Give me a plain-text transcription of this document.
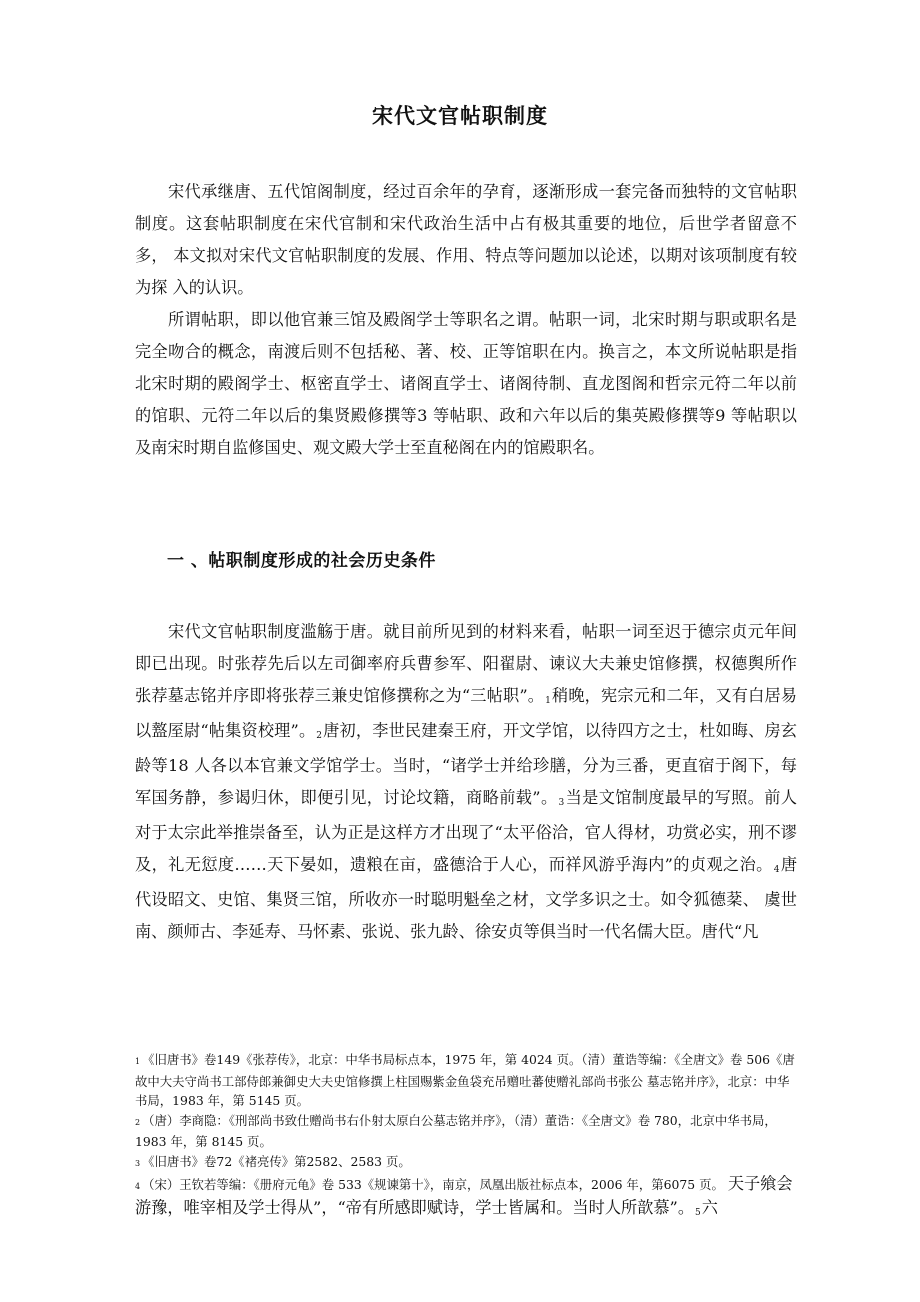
宋代文官帖职制度

宋代承继唐、五代馆阁制度，经过百余年的孕育，逐渐形成一套完备而独特的文官帖职制度。这套帖职制度在宋代官制和宋代政治生活中占有极其重要的地位，后世学者留意不多， 本文拟对宋代文官帖职制度的发展、作用、特点等问题加以论述，以期对该项制度有较为探 入的认识。

所谓帖职，即以他官兼三馆及殿阁学士等职名之谓。帖职一词，北宋时期与职或职名是完全吻合的概念，南渡后则不包括秘、著、校、正等馆职在内。换言之，本文所说帖职是指北宋时期的殿阁学士、枢密直学士、诸阁直学士、诸阁待制、直龙图阁和哲宗元符二年以前的馆职、元符二年以后的集贤殿修撰等3 等帖职、政和六年以后的集英殿修撰等9 等帖职以及南宋时期自监修国史、观文殿大学士至直秘阁在内的馆殿职名。

一 、帖职制度形成的社会历史条件

宋代文官帖职制度滥觞于唐。就目前所见到的材料来看，帖职一词至迟于德宗贞元年间即已出现。时张荐先后以左司御率府兵曹参军、阳翟尉、谏议大夫兼史馆修撰，权德舆所作张荐墓志铭并序即将张荐三兼史馆修撰称之为“三帖职”。1稍晚，宪宗元和二年，又有白居易以盩厔尉“帖集资校理”。2唐初，李世民建秦王府，开文学馆，以待四方之士，杜如晦、房玄龄等18 人各以本官兼文学馆学士。当时，“诸学士并给珍膳，分为三番，更直宿于阁下，每军国务静，参谒归休，即便引见，讨论坟籍，商略前载”。3当是文馆制度最早的写照。前人对于太宗此举推崇备至，认为正是这样方才出现了“太平俗洽，官人得材，功赏必实，刑不谬及，礼无愆度……天下晏如，遗粮在亩，盛德洽于人心，而祥风游乎海内”的贞观之治。4唐代设昭文、史馆、集贤三馆，所收亦一时聪明魁垒之材，文学多识之士。如令狐德棻、 虞世南、颜师古、李延寿、马怀素、张说、张九龄、徐安贞等俱当时一代名儒大臣。唐代“凡

1 《旧唐书》卷149《张荐传》，北京：中华书局标点本，1975 年，第 4024 页。（清）董诰等编：《全唐文》卷 506《唐故中大夫守尚书工部侍郎兼御史大夫史馆修撰上柱国赐紫金鱼袋充吊赠吐蕃使赠礼部尚书张公 墓志铭并序》，北京：中华书局，1983 年，第 5145 页。
2 （唐）李商隐：《刑部尚书致仕赠尚书右仆射太原白公墓志铭并序》，（清）董诰：《全唐文》卷 780，北京中华书局，1983 年，第 8145 页。
3 《旧唐书》卷72《褚亮传》第2582、2583 页。
4 （宋）王钦若等编：《册府元龟》卷 533《规谏第十》，南京，凤凰出版社标点本，2006 年，第6075 页。 天子飨会游豫，唯宰相及学士得从”，“帝有所感即赋诗，学士皆属和。当时人所歆慕”。5六
